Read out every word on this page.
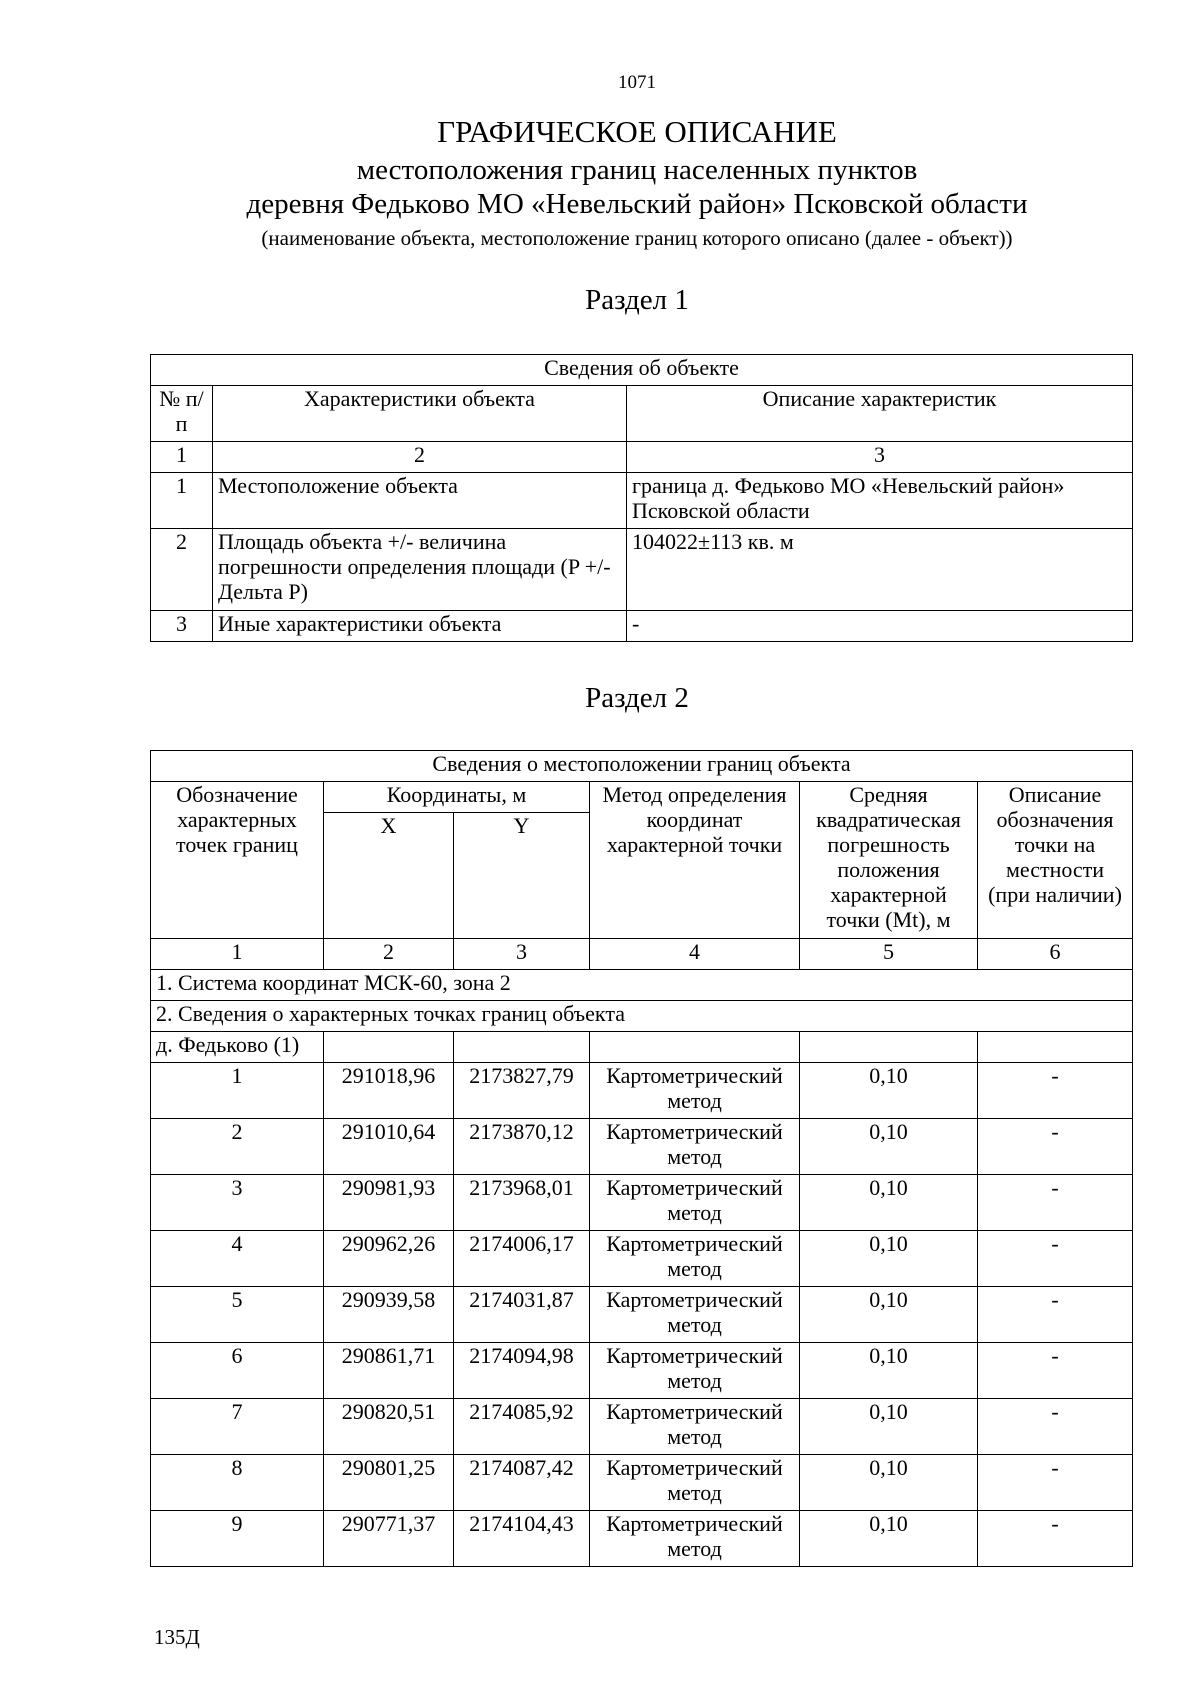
1071
ГРАФИЧЕСКОЕ ОПИСАНИЕ
местоположения границ населенных пунктов
деревня Федьково МО «Невельский район» Псковской области
(наименование объекта, местоположение границ которого описано (далее - объект))
Раздел 1
Сведения об объекте		
№ п/п	Характеристики объекта	Описание характеристик
1	2	3
1	Местоположение объекта	граница д. Федьково МО «Невельский район» Псковской области
2	Площадь объекта +/- величина погрешности определения площади (P +/- Дельта P)	104022±113 кв. м
3	Иные характеристики объекта	-
Раздел 2
Сведения о местоположении границ объекта					
Обозначение характерных точек границ	Координаты, м		Метод определения координат характерной точки	Средняя квадратическая погрешность положения характерной точки (Mt), м	Описание обозначения точки на местности (при наличии)
	X	Y			
1	2	3	4	5	6
1. Система координат МСК-60, зона 2					
2. Сведения о характерных точках границ объекта					
д. Федьково (1)					
1	291018,96	2173827,79	Картометрический метод	0,10	-
2	291010,64	2173870,12	Картометрический метод	0,10	-
3	290981,93	2173968,01	Картометрический метод	0,10	-
4	290962,26	2174006,17	Картометрический метод	0,10	-
5	290939,58	2174031,87	Картометрический метод	0,10	-
6	290861,71	2174094,98	Картометрический метод	0,10	-
7	290820,51	2174085,92	Картометрический метод	0,10	-
8	290801,25	2174087,42	Картометрический метод	0,10	-
9	290771,37	2174104,43	Картометрический метод	0,10	-
135Д
